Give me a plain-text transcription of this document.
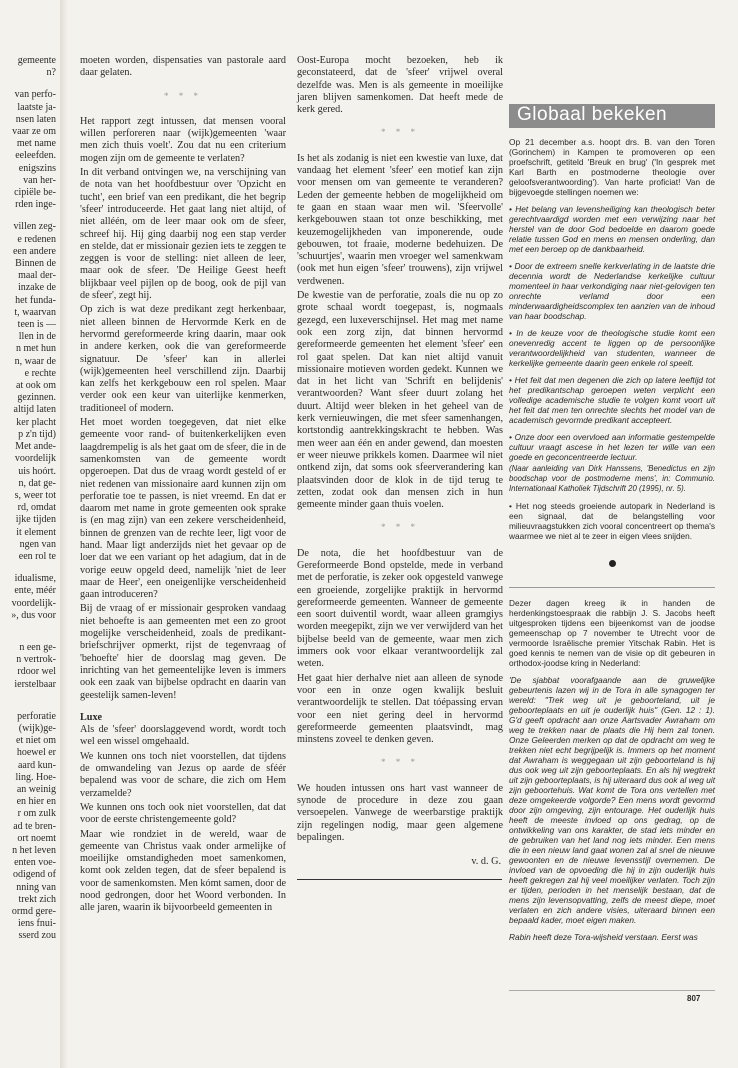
gemeente
n?
van perfo-
laatste ja-
nsen laten
vaar ze om
met name
eeleefden.
enigszins
van her-
cipiële be-
rden inge-
villen zeg-
e redenen
een andere
Binnen de
maal der-
inzake de
het funda-
t, waarvan
teen is —
llen in de
n met hun
n, waar de
e rechte
at ook om
gezinnen.
altijd laten
ker placht
p z'n tijd)
Met ande-
voordelijk
uis hoórt.
n, dat ge-
s, weer tot
rd, omdat
ijke tijden
it element
ngen van
een rol te
idualisme,
ente, méér
voordelijk-
», dus voor
n een ge-
n vertrok-
rdoor wel
ierstelbaar
perforatie
(wijk)ge-
et niet om
hoewel er
aard kun-
ling. Hoe-
an weinig
en hier en
r om zulk
ad te bren-
ort noemt
n het leven
enten voe-
odigend of
nning van
trekt zich
ormd gere-
iens fnui-
sserd zou

moeten worden, dispensaties van pastorale aard daar gelaten.

* * *

Het rapport zegt intussen, dat mensen vooral willen perforeren naar (wijk)gemeenten 'waar men zich thuis voelt'. Zou dat nu een criterium mogen zijn om de gemeente te verlaten?

In dit verband ontvingen we, na verschijning van de nota van het hoofdbestuur over 'Opzicht en tucht', een brief van een predikant, die het begrip 'sfeer' introduceerde. Het gaat lang niet altijd, of niet alléén, om de leer maar ook om de sfeer, schreef hij. Hij ging daarbij nog een stap verder en stelde, dat er missionair gezien iets te zeggen te zeggen is voor de stelling: niet alleen de leer, maar ook de sfeer. 'De Heilige Geest heeft blijkbaar veel pijlen op de boog, ook de pijl van de sfeer', zegt hij.

Op zich is wat deze predikant zegt herkenbaar, niet alleen binnen de Hervormde Kerk en de hervormd gereformeerde kring daarin, maar ook in andere kerken, ook die van gereformeerde signatuur. De 'sfeer' kan in allerlei (wijk)gemeenten heel verschillend zijn. Daarbij kan zelfs het kerkgebouw een rol spelen. Maar verder ook een keur van uiterlijke kenmerken, traditioneel of modern.

Het moet worden toegegeven, dat niet elke gemeente voor rand- of buitenkerkelijken even laagdrempelig is als het gaat om de sfeer, die in de samenkomsten van de gemeente wordt opgeroepen. Dat dus de vraag wordt gesteld of er niet redenen van missionaire aard kunnen zijn om perforatie toe te passen, is niet vreemd. En dat er daarom met name in grote gemeenten ook sprake is (en mag zijn) van een zekere verscheidenheid, binnen de grenzen van de rechte leer, ligt voor de hand. Maar ligt anderzijds niet het gevaar op de loer dat we een variant op het adagium, dat in de vorige eeuw opgeld deed, namelijk 'niet de leer maar de Heer', een oneigenlijke verscheidenheid gaan introduceren?

Bij de vraag of er missionair gesproken vandaag niet behoefte is aan gemeenten met een zo groot mogelijke verscheidenheid, zoals de predikant-briefschrijver opmerkt, rijst de tegenvraag of 'behoefte' hier de doorslag mag geven. De inrichting van het gemeentelijke leven is immers ook een zaak van bijbelse opdracht en daarin van geestelijk samen-leven!

Luxe

Als de 'sfeer' doorslaggevend wordt, wordt toch wel een wissel omgehaald.

We kunnen ons toch niet voorstellen, dat tijdens de omwandeling van Jezus op aarde de sféér bepalend was voor de schare, die zich om Hem verzamelde?

We kunnen ons toch ook niet voorstellen, dat dat voor de eerste christengemeente gold?

Maar wie rondziet in de wereld, waar de gemeente van Christus vaak onder armelijke of moeilijke omstandigheden moet samenkomen, komt ook zelden tegen, dat de sfeer bepalend is voor de samenkomsten. Men kómt samen, door de nood gedrongen, door het Woord verbonden. In alle jaren, waarin ik bijvoorbeeld gemeenten in

Oost-Europa mocht bezoeken, heb ik geconstateerd, dat de 'sfeer' vrijwel overal dezelfde was. Men is als gemeente in moeilijke jaren blijven samenkomen. Dat heeft mede de kerk gered.

* * *

Is het als zodanig is niet een kwestie van luxe, dat vandaag het element 'sfeer' een motief kan zijn voor mensen om van gemeente te veranderen? Leden der gemeente hebben de mogelijkheid om te gaan en staan waar men wil. 'Sfeervolle' kerkgebouwen staan tot onze beschikking, met keuzemogelijkheden van imponerende, oude gebouwen, tot fraaie, moderne bedehuizen. De 'schuurtjes', waarin men vroeger wel samenkwam (ook met hun eigen 'sfeer' trouwens), zijn vrijwel verdwenen.

De kwestie van de perforatie, zoals die nu op zo grote schaal wordt toegepast, is, nogmaals gezegd, een luxeverschijnsel. Het mag met name ook een zorg zijn, dat binnen hervormd gereformeerde gemeenten het element 'sfeer' een rol gaat spelen. Dat kan niet altijd vanuit missionaire motieven worden gedekt. Kunnen we dat in het licht van 'Schrift en belijdenis' verantwoorden? Want sfeer duurt zolang het duurt. Altijd weer bleken in het geheel van de kerk vernieuwingen, die met sfeer samenhangen, kortstondig aantrekkingskracht te hebben. Was men weer aan één en ander gewend, dan moesten er weer nieuwe prikkels komen. Daarmee wil niet ontkend zijn, dat soms ook sfeerverandering kan plaatsvinden door de klok in de tijd terug te zetten, zodat ook dan mensen zich in hun gemeente minder gaan thuis voelen.

* * *

De nota, die het hoofdbestuur van de Gereformeerde Bond opstelde, mede in verband met de perforatie, is zeker ook opgesteld vanwege een groeiende, zorgelijke praktijk in hervormd gereformeerde gemeenten. Wanneer de gemeente een soort duiventil wordt, waar alleen gramgiys worden meegepikt, zijn we ver verwijderd van het bijbelse beeld van de gemeente, waar men zich immers ook voor elkaar verantwoordelijk zal weten.

Het gaat hier derhalve niet aan alleen de synode voor een in onze ogen kwalijk besluit verantwoordelijk te stellen. Dat tóépassing ervan voor een niet gering deel in hervormd gereformeerde gemeenten plaatsvindt, mag minstens zoveel te denken geven.

* * *

We houden intussen ons hart vast wanneer de synode de procedure in deze zou gaan versoepelen. Vanwege de weerbarstige praktijk zijn regelingen nodig, maar geen algemene bepalingen.

v. d. G.
Globaal bekeken

Op 21 december a.s. hoopt drs. B. van den Toren (Gorinchem) in Kampen te promoveren op een proefschrift, getiteld 'Breuk en brug' ('In gesprek met Karl Barth en postmoderne theologie over geloofsverantwoording'). Van harte proficiat! Van de bijgevoegde stellingen noemen we:

• Het belang van levensheiliging kan theologisch beter gerechtvaardigd worden met een verwijzing naar het herstel van de door God bedoelde en daarom goede relatie tussen God en mens en mensen onderling, dan met een beroep op de dankbaarheid.

• Door de extreem snelle kerkverlating in de laatste drie decennia wordt de Nederlandse kerkelijke cultuur momenteel in haar verkondiging naar niet-gelovigen ten onrechte verlamd door een minderwaardigheidscomplex ten aanzien van de inhoud van haar boodschap.

• In de keuze voor de theologische studie komt een onevenredig accent te liggen op de persoonlijke verantwoordelijkheid van studenten, wanneer de kerkelijke gemeente daarin geen enkele rol speelt.

• Het feit dat men degenen die zich op latere leeftijd tot het predikantschap geroepen weten verplicht een volledige academische studie te volgen komt voort uit het feit dat men ten onrechte slechts het model van de academisch gevormde predikant accepteert.

• Onze door een overvloed aan informatie gestempelde cultuur vraagt ascese in het lezen ter wille van een goede en geconcentreerde lectuur.

(Naar aanleiding van Dirk Hanssens, 'Benedictus en zijn boodschap voor de postmoderne mens', in: Communio. Internationaal Katholiek Tijdschrift 20 (1995), nr. 5).

• Het nog steeds groeiende autopark in Nederland is een signaal, dat de belangstelling voor milieuvraagstukken zich vooral concentreert op thema's waarmee we niet al te zeer in eigen vlees snijden.

Dezer dagen kreeg ik in handen de herdenkingstoespraak die rabbijn J. S. Jacobs heeft uitgesproken tijdens een bijeenkomst van de joodse gemeenschap op 7 november te Utrecht voor de vermoorde Israëlische premier Yitschak Rabin. Het is goed kennis te nemen van de visie op dit gebeuren in orthodox-joodse kring in Nederland:

'De sjabbat voorafgaande aan de gruwelijke gebeurtenis lazen wij in de Tora in alle synagogen ter wereld: "Trek weg uit je geboorteland, uit je geboorteplaats en uit je ouderlijk huis" (Gen. 12 : 1). G'd geeft opdracht aan onze Aartsvader Awraham om weg te trekken naar de plaats die Hij hem zal tonen. Onze Geleerden merken op dat de opdracht om weg te trekken niet echt begrijpelijk is. Immers op het moment dat Awraham is weggegaan uit zijn geboorteland is hij dus ook weg uit zijn geboorteplaats. En als hij wegtrekt uit zijn geboorteplaats, is hij uiteraard dus ook al weg uit zijn geboortehuis. Wat komt de Tora ons vertellen met deze omgekeerde volgorde? Een mens wordt gevormd door zijn omgeving, zijn entourage. Het ouderlijk huis heeft de meeste invloed op ons gedrag, op de ontwikkeling van ons karakter, de stad iets minder en de gebruiken van het land nog iets minder. Een mens die in een nieuw land gaat wonen zal al snel de nieuwe gewoonten en de nieuwe levensstijl overnemen. De invloed van de opvoeding die hij in zijn ouderlijk huis heeft gekregen zal hij veel moeilijker verlaten. Toch zijn er tijden, perioden in het menselijk bestaan, dat de mens zijn levensopvatting, zelfs de meest diepe, moet verlaten en zich andere visies, uiteraard binnen een bepaald kader, moet eigen maken.

Rabin heeft deze Tora-wijsheid verstaan. Eerst was

807
